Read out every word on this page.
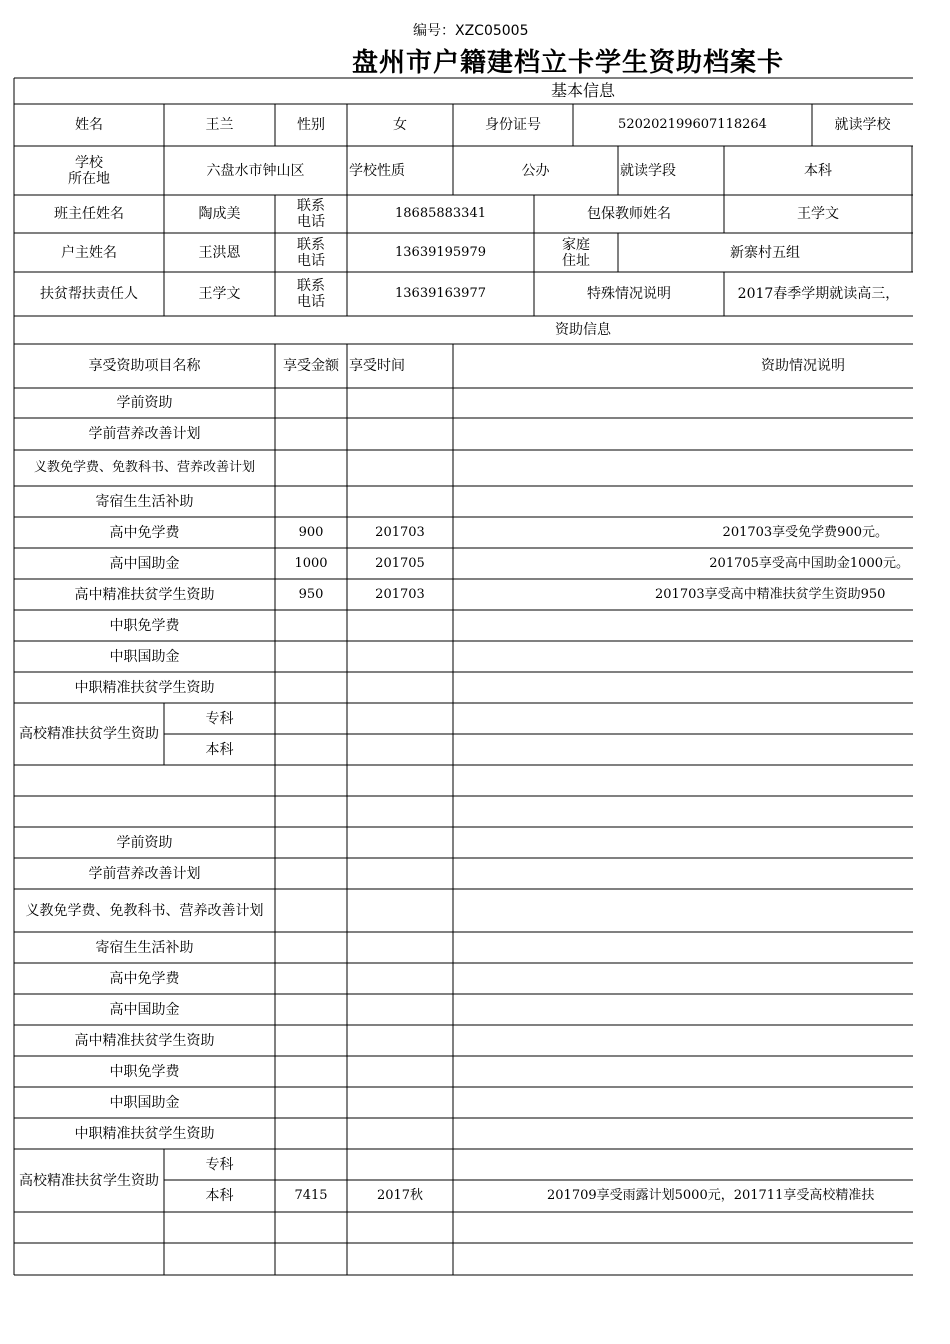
编号：XZC05005
盘州市户籍建档立卡学生资助档案卡
基本信息
姓名	王兰	性别	女	身份证号	520202199607118264	就读学校
学校
所在地	六盘水市钟山区	学校性质	公办	就读学段	本科
班主任姓名	陶成美	联系
电话
18685883341	包保教师姓名	王学文
户主姓名	王洪恩	联系
电话
13639195979	家庭
住址	新寨村五组
扶贫帮扶责任人	王学文	联系
电话
13639163977	特殊情况说明	2017春季学期就读高三，
资助信息
享受资助项目名称	享受金额 享受时间	资助情况说明
学前资助
学前营养改善计划
义教免学费、免教科书、营养改善计划
寄宿生生活补助
高中免学费	900	201703	201703享受免学费900元。
高中国助金	1000	201705	201705享受高中国助金1000元。
高中精准扶贫学生资助	950	201703	201703享受高中精准扶贫学生资助950
中职免学费
中职国助金
中职精准扶贫学生资助
高校精准扶贫学生资助
专科
本科
学前资助
学前营养改善计划
义教免学费、免教科书、营养改善计划
寄宿生生活补助
高中免学费
高中国助金
高中精准扶贫学生资助
中职免学费
中职国助金
中职精准扶贫学生资助
高校精准扶贫学生资助
专科
本科	7415	2017秋	201709享受雨露计划5000元，201711享受高校精准扶
